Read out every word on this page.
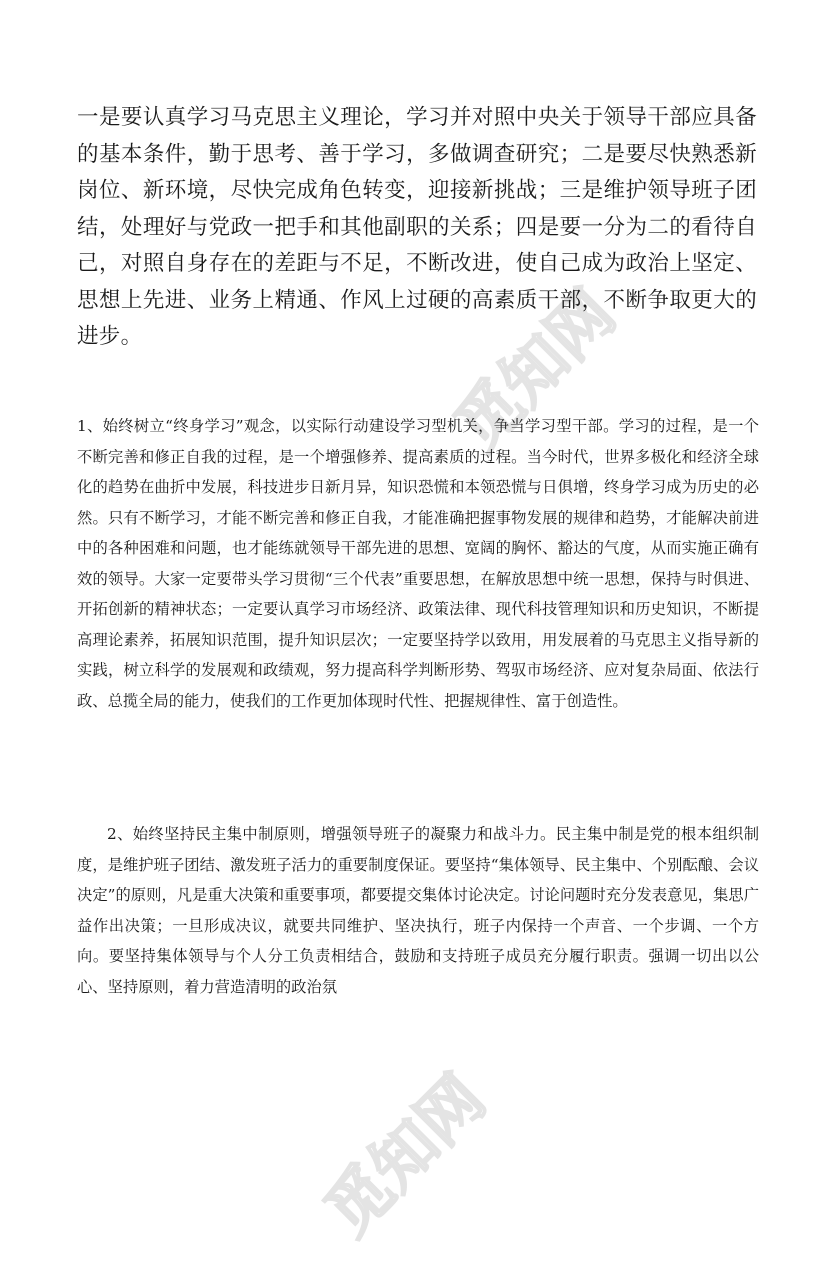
觅知网
觅知网

一是要认真学习马克思主义理论，学习并对照中央关于领导干部应具备的基本条件，勤于思考、善于学习，多做调查研究；二是要尽快熟悉新岗位、新环境，尽快完成角色转变，迎接新挑战；三是维护领导班子团结，处理好与党政一把手和其他副职的关系；四是要一分为二的看待自己，对照自身存在的差距与不足，不断改进，使自己成为政治上坚定、思想上先进、业务上精通、作风上过硬的高素质干部，不断争取更大的进步。

1、始终树立“终身学习”观念，以实际行动建设学习型机关，争当学习型干部。学习的过程，是一个不断完善和修正自我的过程，是一个增强修养、提高素质的过程。当今时代，世界多极化和经济全球化的趋势在曲折中发展，科技进步日新月异，知识恐慌和本领恐慌与日俱增，终身学习成为历史的必然。只有不断学习，才能不断完善和修正自我，才能准确把握事物发展的规律和趋势，才能解决前进中的各种困难和问题，也才能练就领导干部先进的思想、宽阔的胸怀、豁达的气度，从而实施正确有效的领导。大家一定要带头学习贯彻“三个代表”重要思想，在解放思想中统一思想，保持与时俱进、开拓创新的精神状态；一定要认真学习市场经济、政策法律、现代科技管理知识和历史知识，不断提高理论素养，拓展知识范围，提升知识层次；一定要坚持学以致用，用发展着的马克思主义指导新的实践，树立科学的发展观和政绩观，努力提高科学判断形势、驾驭市场经济、应对复杂局面、依法行政、总揽全局的能力，使我们的工作更加体现时代性、把握规律性、富于创造性。

2、始终坚持民主集中制原则，增强领导班子的凝聚力和战斗力。民主集中制是党的根本组织制度，是维护班子团结、激发班子活力的重要制度保证。要坚持“集体领导、民主集中、个别酝酿、会议决定”的原则，凡是重大决策和重要事项，都要提交集体讨论决定。讨论问题时充分发表意见，集思广益作出决策；一旦形成决议，就要共同维护、坚决执行，班子内保持一个声音、一个步调、一个方向。要坚持集体领导与个人分工负责相结合，鼓励和支持班子成员充分履行职责。强调一切出以公心、坚持原则，着力营造清明的政治氛
